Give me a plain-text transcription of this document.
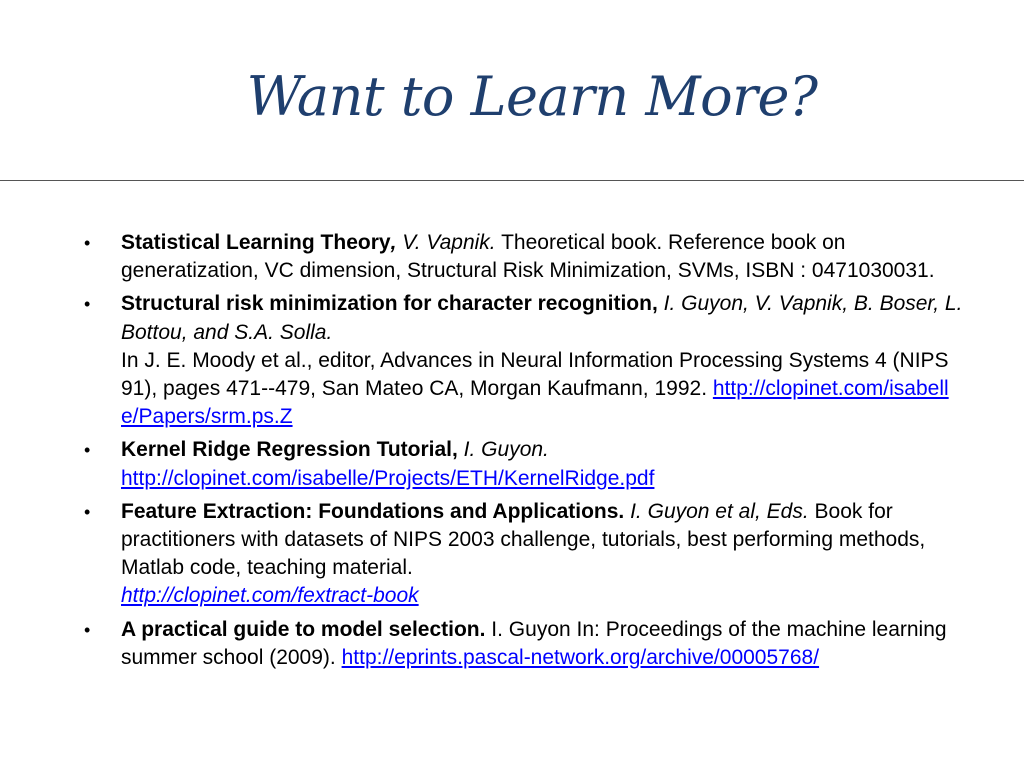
Want to Learn More?
• Statistical Learning Theory, V. Vapnik. Theoretical book. Reference book on generatization, VC dimension, Structural Risk Minimization, SVMs, ISBN : 0471030031.
• Structural risk minimization for character recognition, I. Guyon, V. Vapnik, B. Boser, L. Bottou, and S.A. Solla.
In J. E. Moody et al., editor, Advances in Neural Information Processing Systems 4 (NIPS 91), pages 471--479, San Mateo CA, Morgan Kaufmann, 1992. http://clopinet.com/isabelle/Papers/srm.ps.Z
• Kernel Ridge Regression Tutorial, I. Guyon.
http://clopinet.com/isabelle/Projects/ETH/KernelRidge.pdf
• Feature Extraction: Foundations and Applications. I. Guyon et al, Eds. Book for practitioners with datasets of NIPS 2003 challenge, tutorials, best performing methods, Matlab code, teaching material.
http://clopinet.com/fextract-book
• A practical guide to model selection. I. Guyon In: Proceedings of the machine learning summer school (2009). http://eprints.pascal-network.org/archive/00005768/
